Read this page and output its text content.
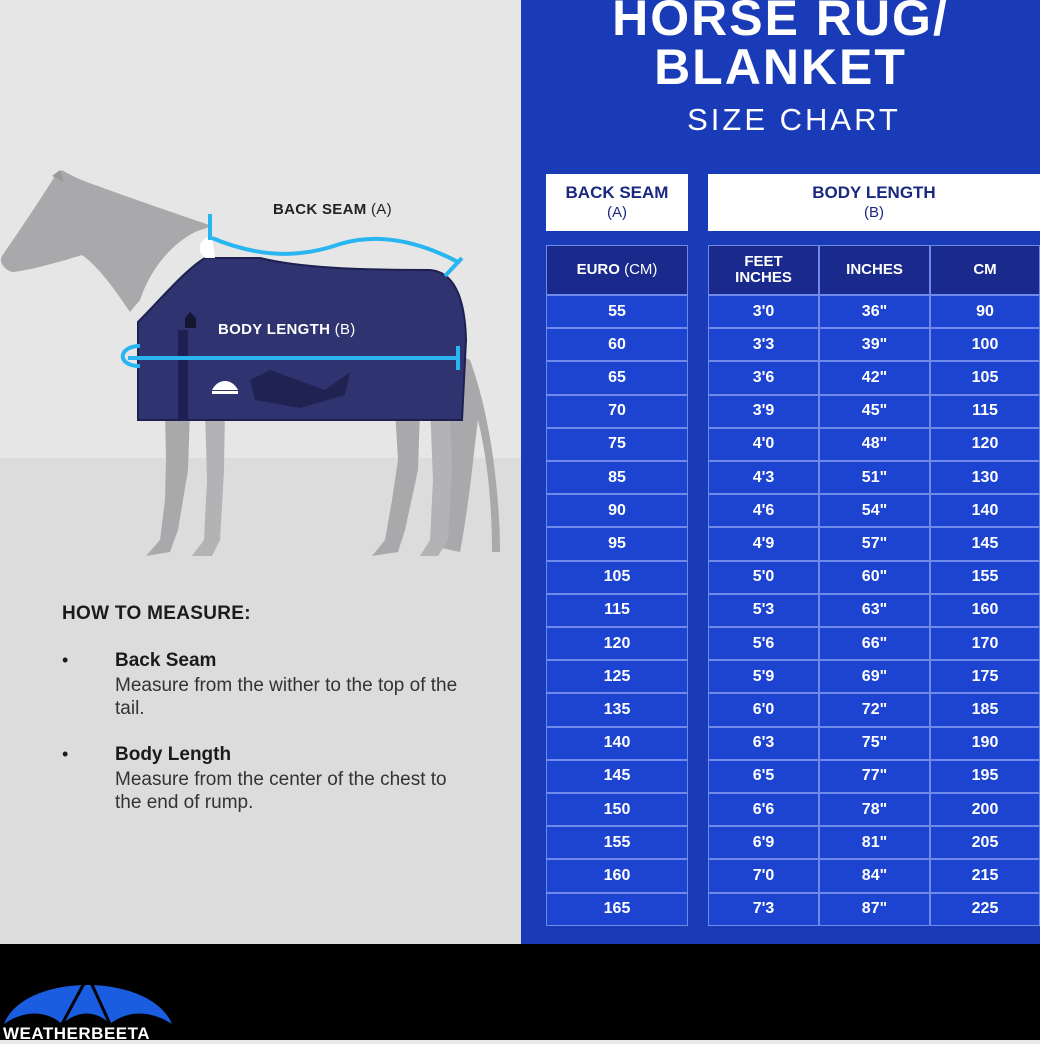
BACK SEAM (A)
BODY LENGTH (B)
HOW TO MEASURE:
• Back Seam
Measure from the wither to the top of the tail.
• Body Length
Measure from the center of the chest to the end of rump.
HORSE RUG/
BLANKET
SIZE CHART
BACK SEAM
(A)
BODY LENGTH
(B)
EURO (CM)	FEET INCHES	INCHES	CM
55	3'0	36"	90
60	3'3	39"	100
65	3'6	42"	105
70	3'9	45"	115
75	4'0	48"	120
85	4'3	51"	130
90	4'6	54"	140
95	4'9	57"	145
105	5'0	60"	155
115	5'3	63"	160
120	5'6	66"	170
125	5'9	69"	175
135	6'0	72"	185
140	6'3	75"	190
145	6'5	77"	195
150	6'6	78"	200
155	6'9	81"	205
160	7'0	84"	215
165	7'3	87"	225
WEATHERBEETA
